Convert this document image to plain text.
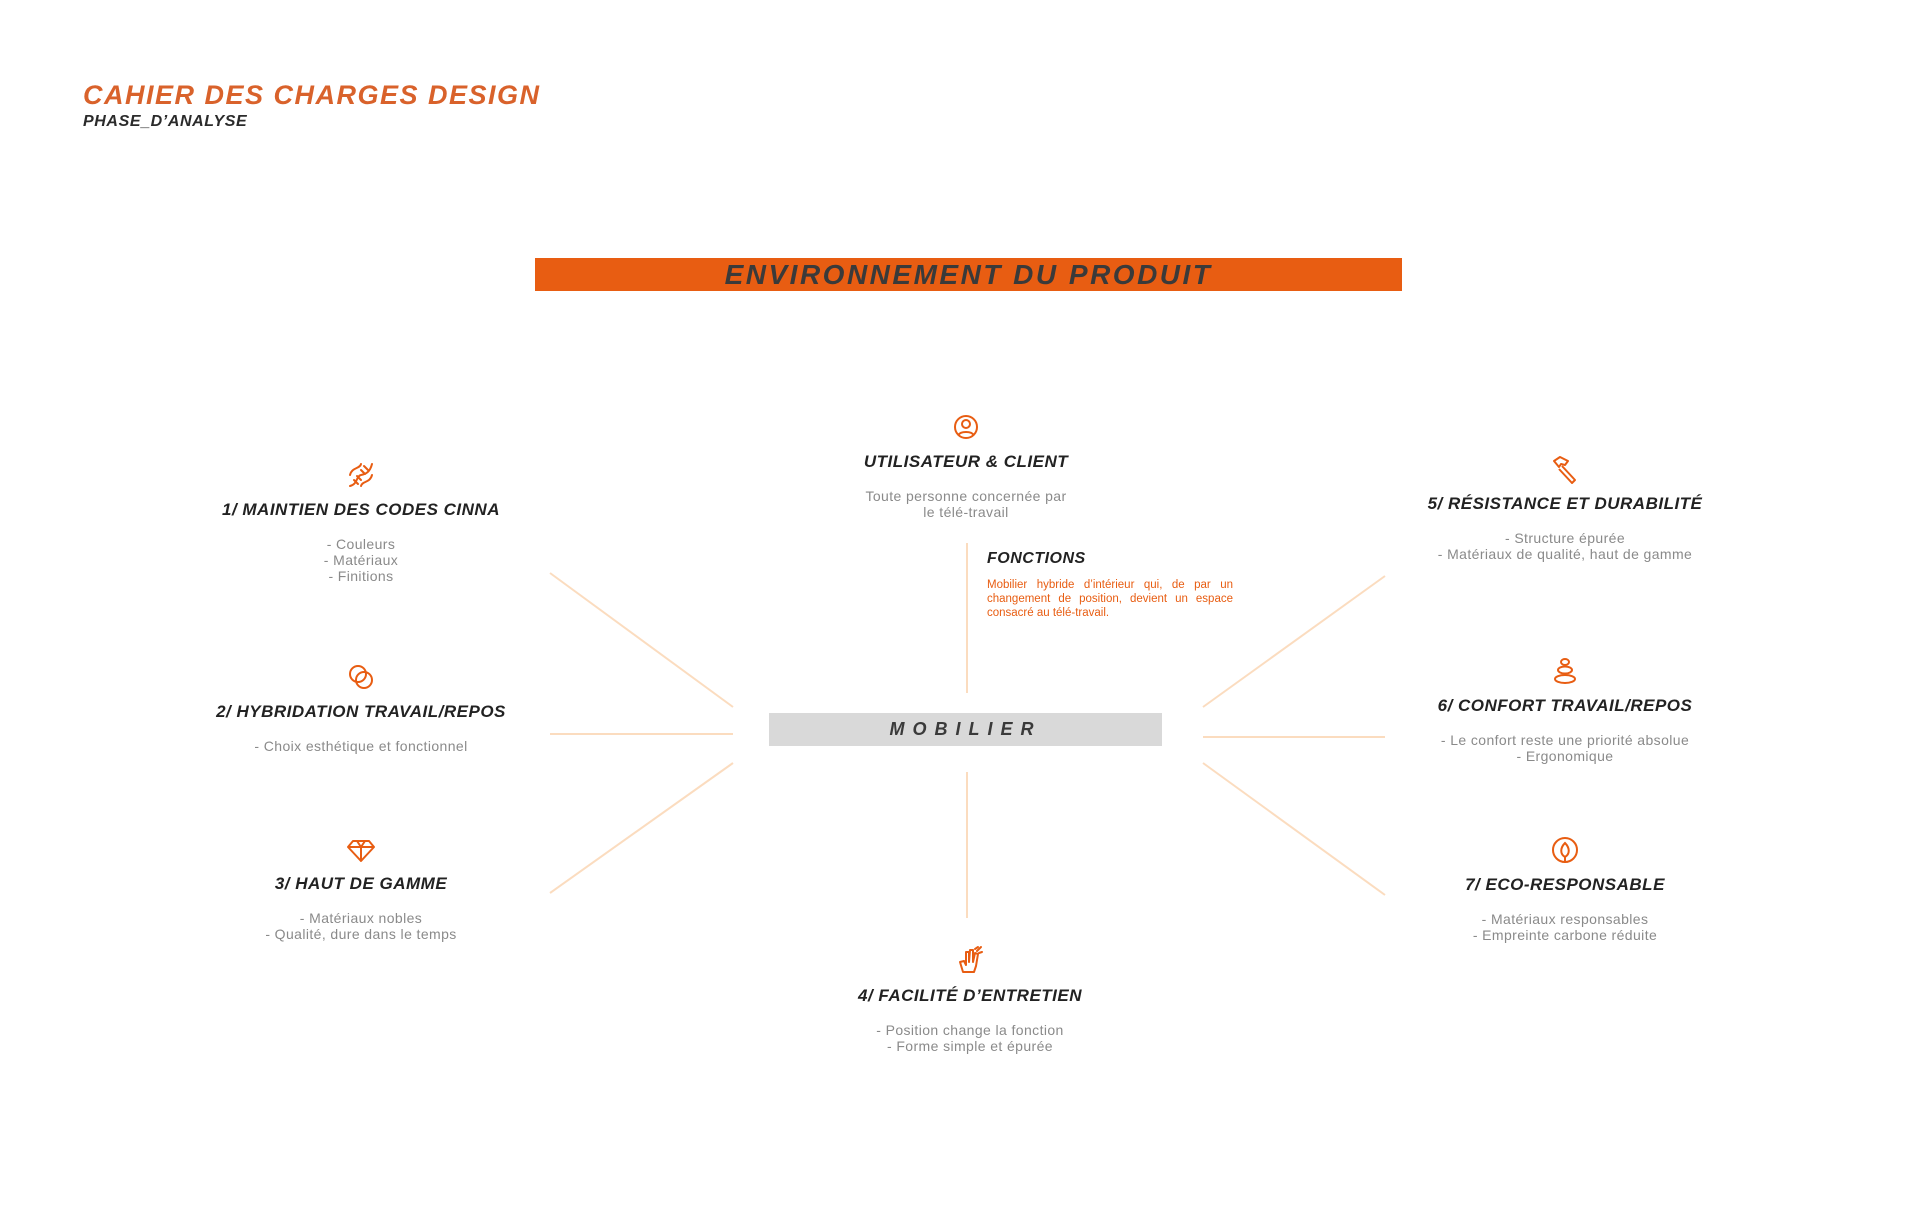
CAHIER DES CHARGES DESIGN
PHASE_D’ANALYSE
ENVIRONNEMENT DU PRODUIT
MOBILIER
UTILISATEUR & CLIENT
Toute personne concernée par
le télé-travail
1/ MAINTIEN DES CODES CINNA
- Couleurs
- Matériaux
- Finitions
2/ HYBRIDATION TRAVAIL/REPOS
- Choix esthétique et fonctionnel
3/ HAUT DE GAMME
- Matériaux nobles
- Qualité, dure dans le temps
4/ FACILITÉ D’ENTRETIEN
- Position change la fonction
- Forme simple et épurée
5/ RÉSISTANCE ET DURABILITÉ
- Structure épurée
- Matériaux de qualité, haut de gamme
6/ CONFORT TRAVAIL/REPOS
- Le confort reste une priorité absolue
- Ergonomique
7/ ECO-RESPONSABLE
- Matériaux responsables
- Empreinte carbone réduite
FONCTIONS

Mobilier hybride d’intérieur qui, de par un changement de position, devient un espace consacré au télé-travail.
